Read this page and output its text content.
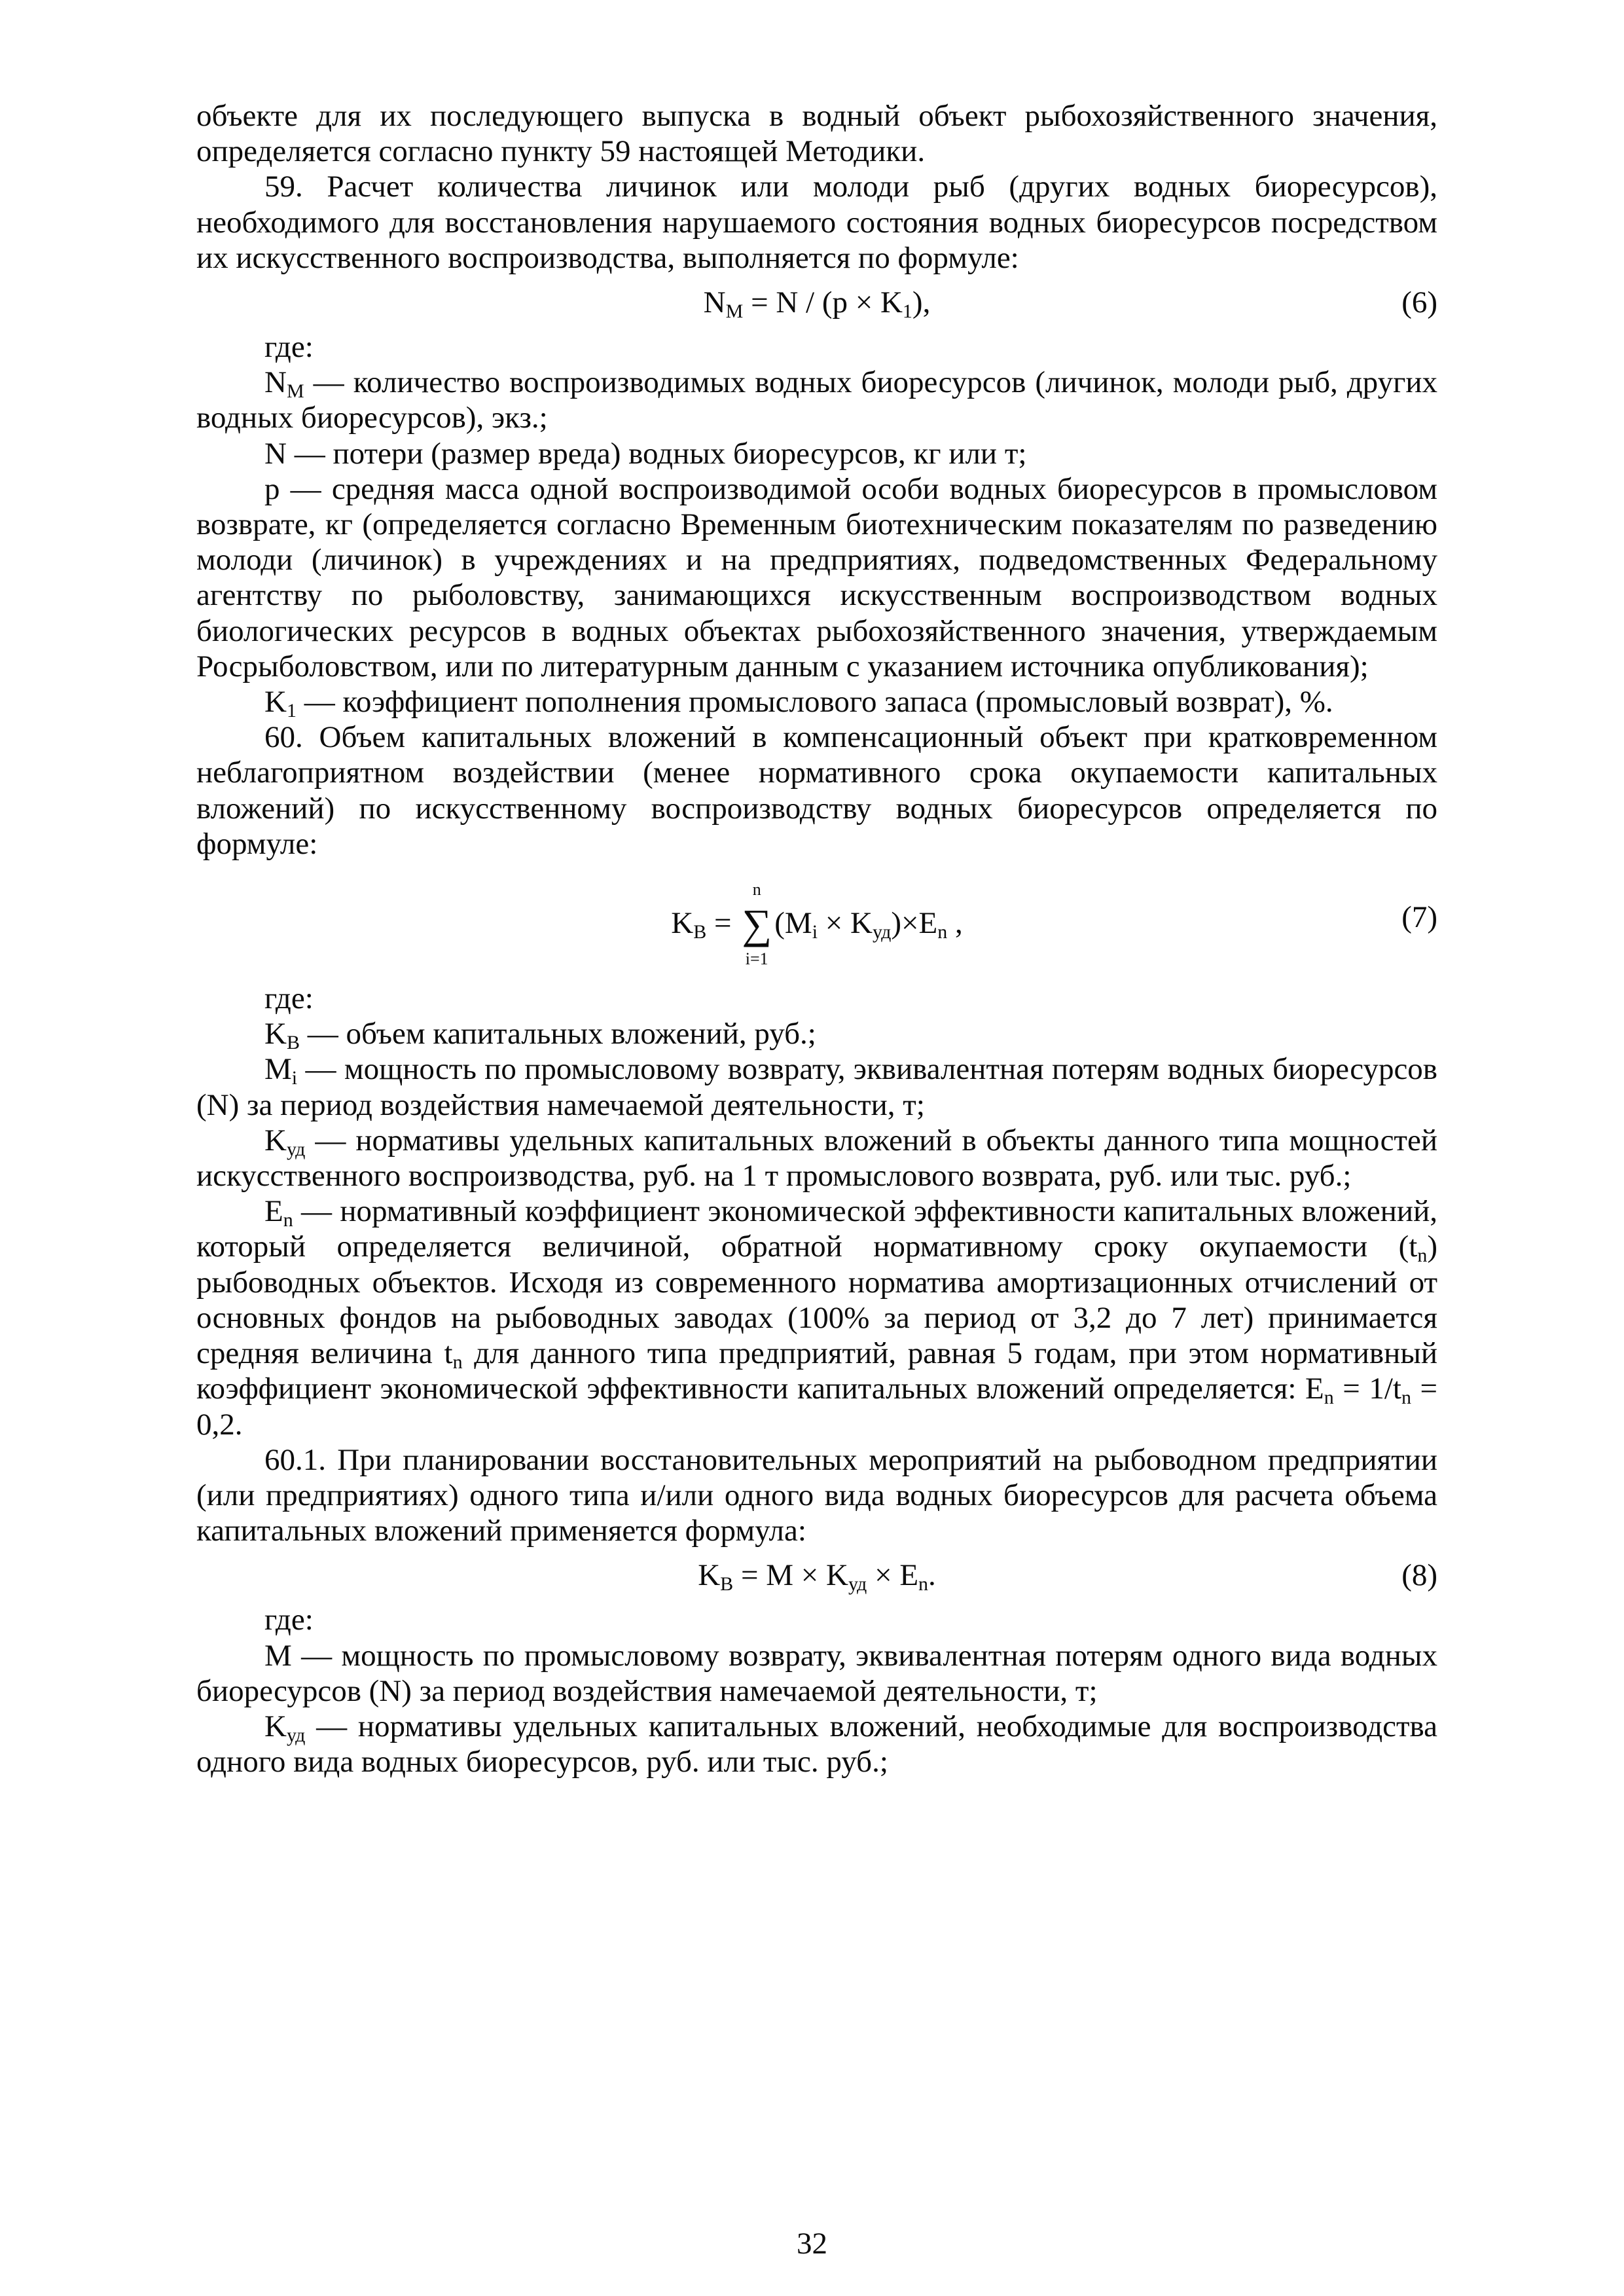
объекте для их последующего выпуска в водный объект рыбохозяйственного значения, определяется согласно пункту 59 настоящей Методики.

59. Расчет количества личинок или молоди рыб (других водных биоресурсов), необходимого для восстановления нарушаемого состояния водных биоресурсов посредством их искусственного воспроизводства, выполняется по формуле:

$N_М = N / (p \times K_1)$,	(6)

где:

$N_М$ — количество воспроизводимых водных биоресурсов (личинок, молоди рыб, других водных биоресурсов), экз.;

N — потери (размер вреда) водных биоресурсов, кг или т;

p — средняя масса одной воспроизводимой особи водных биоресурсов в промысловом возврате, кг (определяется согласно Временным биотехническим показателям по разведению молоди (личинок) в учреждениях и на предприятиях, подведомственных Федеральному агентству по рыболовству, занимающихся искусственным воспроизводством водных биологических ресурсов в водных объектах рыбохозяйственного значения, утверждаемым Росрыболовством, или по литературным данным с указанием источника опубликования);

$K_1$ — коэффициент пополнения промыслового запаса (промысловый возврат), %.

60. Объем капитальных вложений в компенсационный объект при кратковременном неблагоприятном воздействии (менее нормативного срока окупаемости капитальных вложений) по искусственному воспроизводству водных биоресурсов определяется по формуле:

$K_B$ =
n
∑
i=1
$(M_i \times K_{уд})\times E_n$ ,	(7)

где:

$K_B$ — объем капитальных вложений, руб.;

$M_i$ — мощность по промысловому возврату, эквивалентная потерям водных биоресурсов (N) за период воздействия намечаемой деятельности, т;

$K_{уд}$ — нормативы удельных капитальных вложений в объекты данного типа мощностей искусственного воспроизводства, руб. на 1 т промыслового возврата, руб. или тыс. руб.;

$E_n$ — нормативный коэффициент экономической эффективности капитальных вложений, который определяется величиной, обратной нормативному сроку окупаемости $(t_n)$ рыбоводных объектов. Исходя из современного норматива амортизационных отчислений от основных фондов на рыбоводных заводах (100% за период от 3,2 до 7 лет) принимается средняя величина $t_n$ для данного типа предприятий, равная 5 годам, при этом нормативный коэффициент экономической эффективности капитальных вложений определяется: $E_n = 1/t_n = 0,2$.

60.1. При планировании восстановительных мероприятий на рыбоводном предприятии (или предприятиях) одного типа и/или одного вида водных биоресурсов для расчета объема капитальных вложений применяется формула:

$K_B = M \times K_{уд} \times E_n$.	(8)

где:

M — мощность по промысловому возврату, эквивалентная потерям одного вида водных биоресурсов (N) за период воздействия намечаемой деятельности, т;

$K_{уд}$ — нормативы удельных капитальных вложений, необходимые для воспроизводства одного вида водных биоресурсов, руб. или тыс. руб.;

32
